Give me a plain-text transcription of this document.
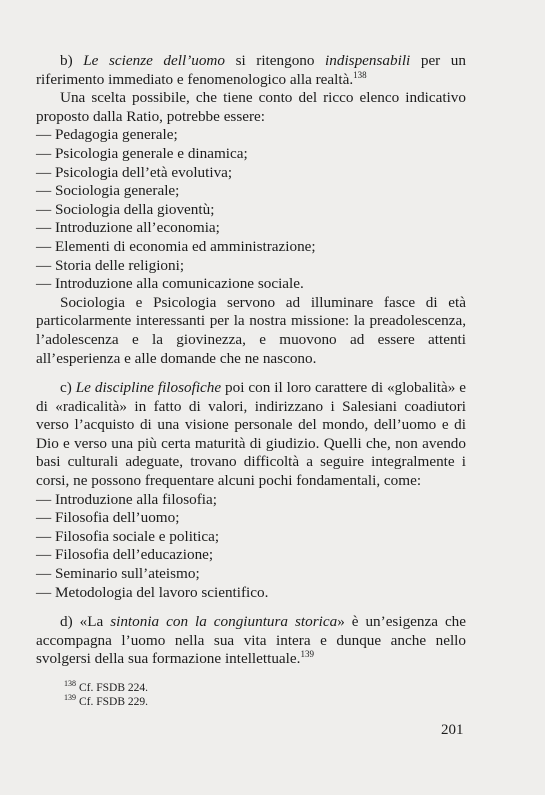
b) Le scienze dell’uomo si ritengono indispensabili per un riferimento immediato e fenomenologico alla realtà.$^{138}$

Una scelta possibile, che tiene conto del ricco elenco indicativo proposto dalla Ratio, potrebbe essere:

— Pedagogia generale;

— Psicologia generale e dinamica;

— Psicologia dell’età evolutiva;

— Sociologia generale;

— Sociologia della gioventù;

— Introduzione all’economia;

— Elementi di economia ed amministrazione;

— Storia delle religioni;

— Introduzione alla comunicazione sociale.

Sociologia e Psicologia servono ad illuminare fasce di età particolarmente interessanti per la nostra missione: la preadolescenza, l’adolescenza e la giovinezza, e muovono ad essere attenti all’esperienza e alle domande che ne nascono.

c) Le discipline filosofiche poi con il loro carattere di «globalità» e di «radicalità» in fatto di valori, indirizzano i Salesiani coadiutori verso l’acquisto di una visione personale del mondo, dell’uomo e di Dio e verso una più certa maturità di giudizio. Quelli che, non avendo basi culturali adeguate, trovano difficoltà a seguire integralmente i corsi, ne possono frequentare alcuni pochi fondamentali, come:

— Introduzione alla filosofia;

— Filosofia dell’uomo;

— Filosofia sociale e politica;

— Filosofia dell’educazione;

— Seminario sull’ateismo;

— Metodologia del lavoro scientifico.

d) «La sintonia con la congiuntura storica» è un’esigenza che accompagna l’uomo nella sua vita intera e dunque anche nello svolgersi della sua formazione intellettuale.$^{139}$

$^{138}$ Cf. FSDB 224.
$^{139}$ Cf. FSDB 229.
201
